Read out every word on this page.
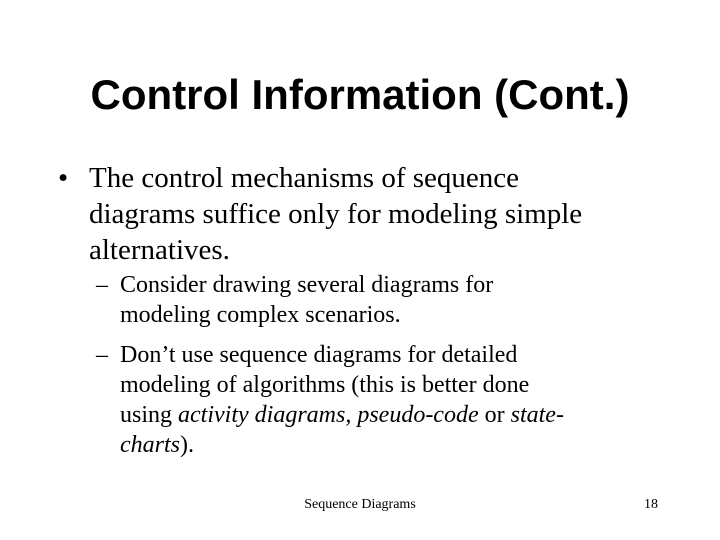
Control Information (Cont.)
• The control mechanisms of sequence
diagrams suffice only for modeling simple
alternatives.
– Consider drawing several diagrams for
modeling complex scenarios.
– Don’t use sequence diagrams for detailed
modeling of algorithms (this is better done
using activity diagrams, pseudo-code or state-
charts).
Sequence Diagrams	18
